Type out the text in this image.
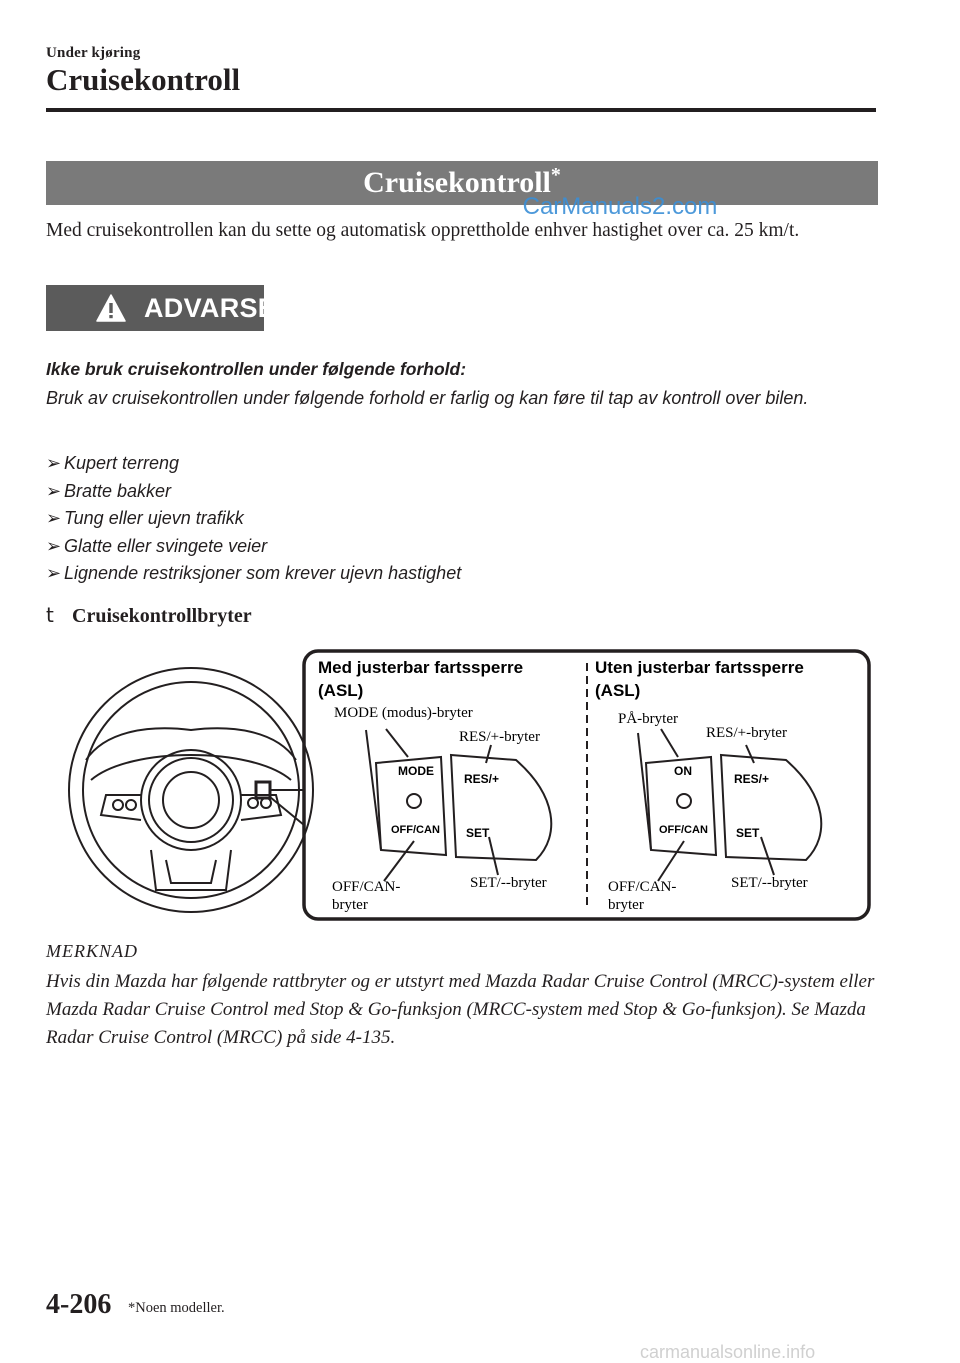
Under kjøring
Cruisekontroll
Cruisekontroll*
CarManuals2.com
Med cruisekontrollen kan du sette og automatisk opprettholde enhver hastighet over ca. 25 km/t.
ADVARSEL
Ikke bruk cruisekontrollen under følgende forhold:
Bruk av cruisekontrollen under følgende forhold er farlig og kan føre til tap av kontroll over bilen.
➢ Kupert terreng
➢ Bratte bakker
➢ Tung eller ujevn trafikk
➢ Glatte eller svingete veier
➢ Lignende restriksjoner som krever ujevn hastighet
t Cruisekontrollbryter
Med justerbar fartssperre
(ASL)
MODE (modus)-bryter
RES/+-bryter
OFF/CAN-
bryter
SET/--bryter
MODE
OFF/CAN
RES/+
SET
Uten justerbar fartssperre
(ASL)
PÅ-bryter
RES/+-bryter
OFF/CAN-
bryter
SET/--bryter
ON
OFF/CAN
RES/+
SET
MERKNAD
Hvis din Mazda har følgende rattbryter og er utstyrt med Mazda Radar Cruise Control (MRCC)-system eller Mazda Radar Cruise Control med Stop & Go-funksjon (MRCC-system med Stop & Go-funksjon). Se Mazda Radar Cruise Control (MRCC) på side 4-135.
4-206 *Noen modeller.
carmanualsonline.info
